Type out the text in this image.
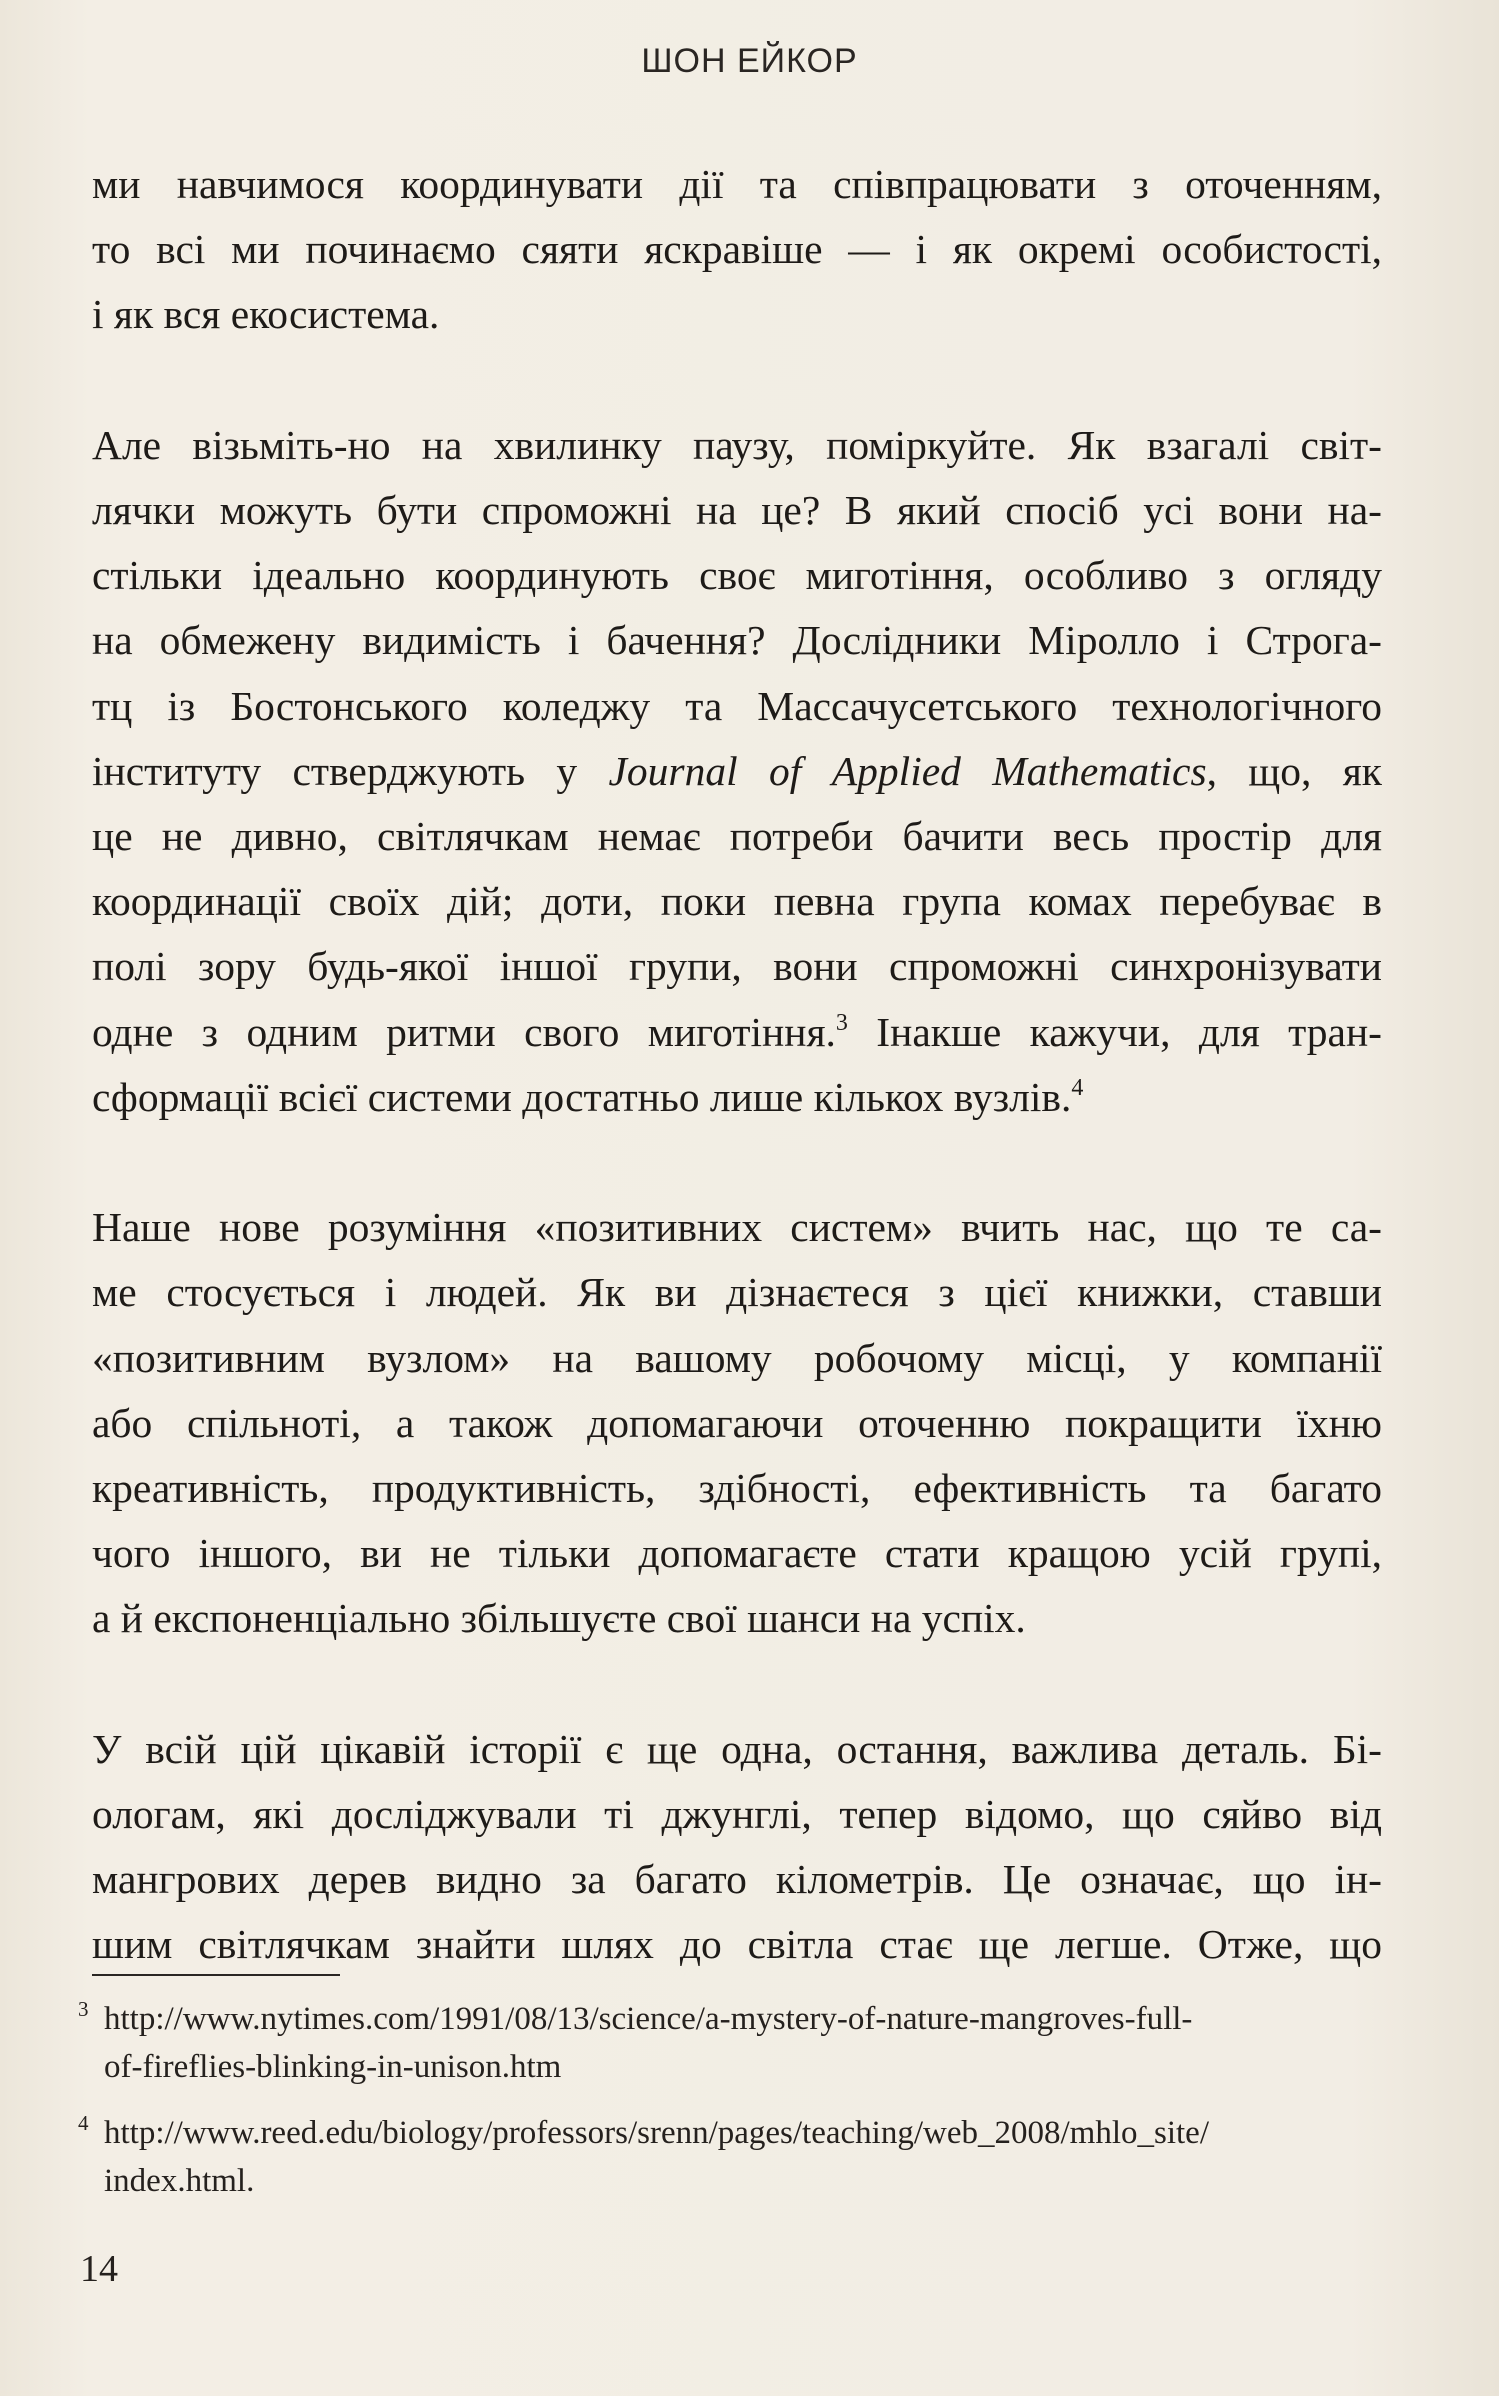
ШОН ЕЙКОР

ми навчимося координувати дії та співпрацювати з оточенням,
то всі ми починаємо сяяти яскравіше — і як окремі особистості,
і як вся екосистема.

Але візьміть-но на хвилинку паузу, поміркуйте. Як взагалі світ-
лячки можуть бути спроможні на це? В який спосіб усі вони на-
стільки ідеально координують своє миготіння, особливо з огляду
на обмежену видимість і бачення? Дослідники Міролло і Строга-
тц із Бостонського коледжу та Массачусетського технологічного
інституту стверджують у Journal of Applied Mathematics, що, як
це не дивно, світлячкам немає потреби бачити весь простір для
координації своїх дій; доти, поки певна група комах перебуває в
полі зору будь-якої іншої групи, вони спроможні синхронізувати
одне з одним ритми свого миготіння.$^3$ Інакше кажучи, для тран-
сформації всієї системи достатньо лише кількох вузлів.$^4$

Наше нове розуміння «позитивних систем» вчить нас, що те са-
ме стосується і людей. Як ви дізнаєтеся з цієї книжки, ставши
«позитивним вузлом» на вашому робочому місці, у компанії
або спільноті, а також допомагаючи оточенню покращити їхню
креативність, продуктивність, здібності, ефективність та багато
чого іншого, ви не тільки допомагаєте стати кращою усій групі,
а й експоненціально збільшуєте свої шанси на успіх.

У всій цій цікавій історії є ще одна, остання, важлива деталь. Бі-
ологам, які досліджували ті джунглі, тепер відомо, що сяйво від
мангрових дерев видно за багато кілометрів. Це означає, що ін-
шим світлячкам знайти шлях до світла стає ще легше. Отже, що

3 http://www.nytimes.com/1991/08/13/science/a-mystery-of-nature-mangroves-full-
of-fireflies-blinking-in-unison.htm
4 http://www.reed.edu/biology/professors/srenn/pages/teaching/web_2008/mhlo_site/
index.html.
14
